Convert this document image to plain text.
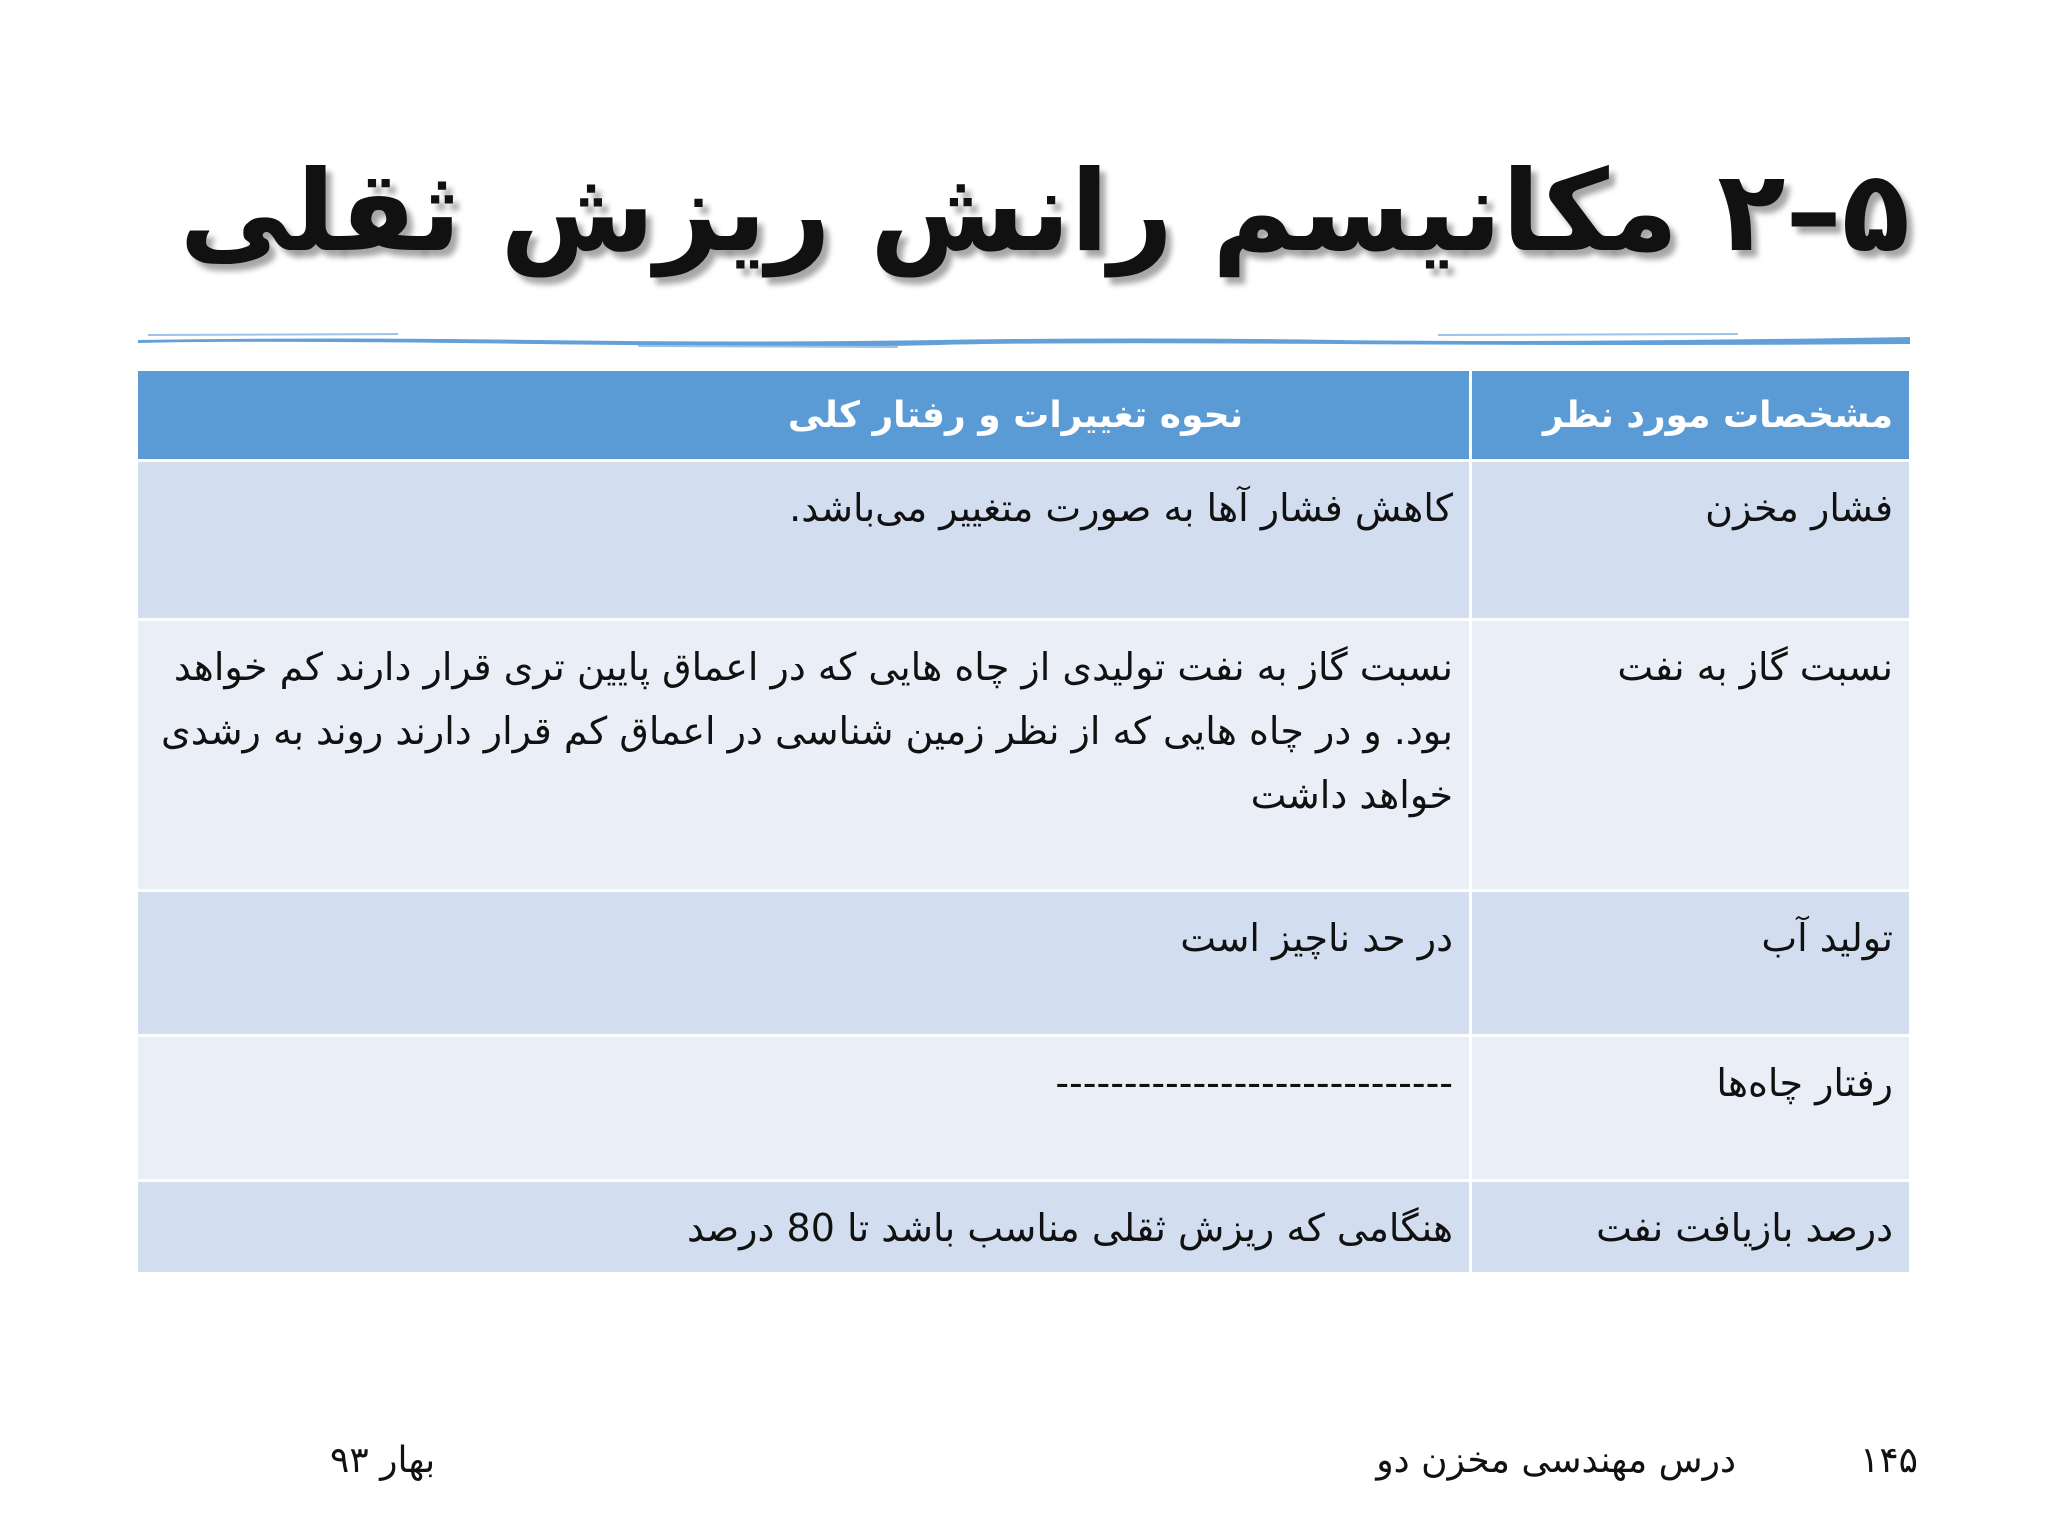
۵–۲ مکانیسم رانش ریزش ثقلی
مشخصات مورد نظر	نحوه تغییرات و رفتار کلی
فشار مخزن	کاهش فشار آها به صورت متغییر می‌باشد.
نسبت گاز به نفت	نسبت گاز به نفت تولیدی از چاه هایی که در اعماق پایین تری قرار دارند کم خواهد بود. و در چاه هایی که از نظر زمین شناسی در اعماق کم قرار دارند روند به رشدی خواهد داشت
تولید آب	در حد ناچیز است
رفتار چاه‌ها	-----------------------------
درصد بازیافت نفت	هنگامی که ریزش ثقلی مناسب باشد تا 80 درصد
۱۴۵
درس مهندسی مخزن دو
بهار ۹۳
